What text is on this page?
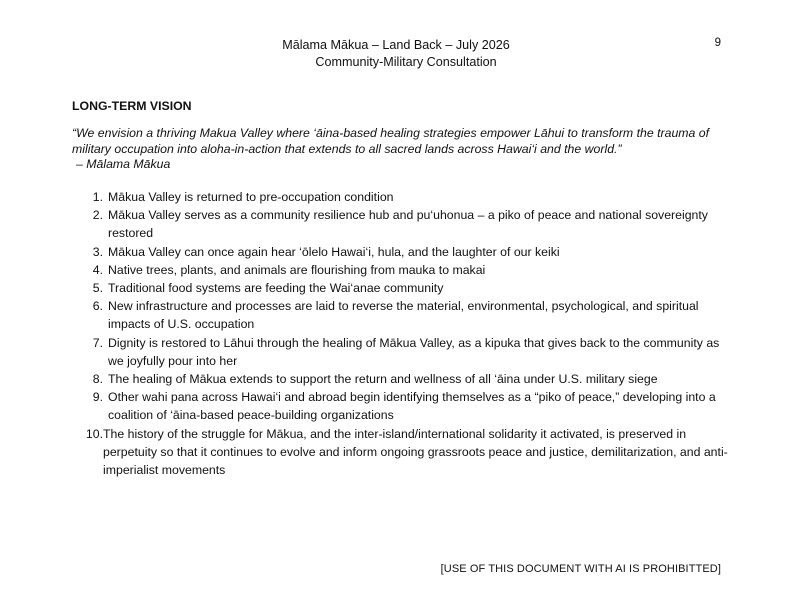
Mālama Mākua – Land Back – July 2026
Community-Military Consultation
9
LONG-TERM VISION
“We envision a thriving Makua Valley where ‘āina-based healing strategies empower Lāhui to transform the trauma of military occupation into aloha-in-action that extends to all sacred lands across Hawai‘i and the world.”
– Mālama Mākua
1. Mākua Valley is returned to pre-occupation condition
2. Mākua Valley serves as a community resilience hub and pu‘uhonua – a piko of peace and national sovereignty restored
3. Mākua Valley can once again hear ‘ōlelo Hawai‘i, hula, and the laughter of our keiki
4. Native trees, plants, and animals are flourishing from mauka to makai
5. Traditional food systems are feeding the Wai‘anae community
6. New infrastructure and processes are laid to reverse the material, environmental, psychological, and spiritual impacts of U.S. occupation
7. Dignity is restored to Lāhui through the healing of Mākua Valley, as a kipuka that gives back to the community as we joyfully pour into her
8. The healing of Mākua extends to support the return and wellness of all ‘āina under U.S. military siege
9. Other wahi pana across Hawai‘i and abroad begin identifying themselves as a “piko of peace,” developing into a coalition of ‘āina-based peace-building organizations
10. The history of the struggle for Mākua, and the inter-island/international solidarity it activated, is preserved in perpetuity so that it continues to evolve and inform ongoing grassroots peace and justice, demilitarization, and anti-imperialist movements
[USE OF THIS DOCUMENT WITH AI IS PROHIBITTED]
